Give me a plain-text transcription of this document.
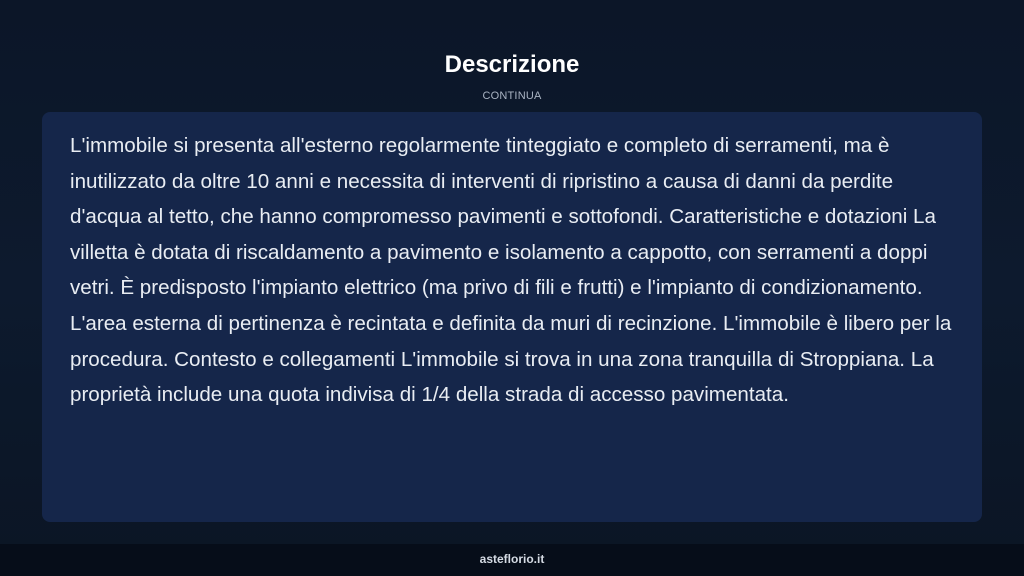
Descrizione
CONTINUA

L'immobile si presenta all'esterno regolarmente tinteggiato e completo di serramenti, ma è inutilizzato da oltre 10 anni e necessita di interventi di ripristino a causa di danni da perdite d'acqua al tetto, che hanno compromesso pavimenti e sottofondi. Caratteristiche e dotazioni La villetta è dotata di riscaldamento a pavimento e isolamento a cappotto, con serramenti a doppi vetri. È predisposto l'impianto elettrico (ma privo di fili e frutti) e l'impianto di condizionamento. L'area esterna di pertinenza è recintata e definita da muri di recinzione. L'immobile è libero per la procedura. Contesto e collegamenti L'immobile si trova in una zona tranquilla di Stroppiana. La proprietà include una quota indivisa di 1/4 della strada di accesso pavimentata.

asteflorio.it
